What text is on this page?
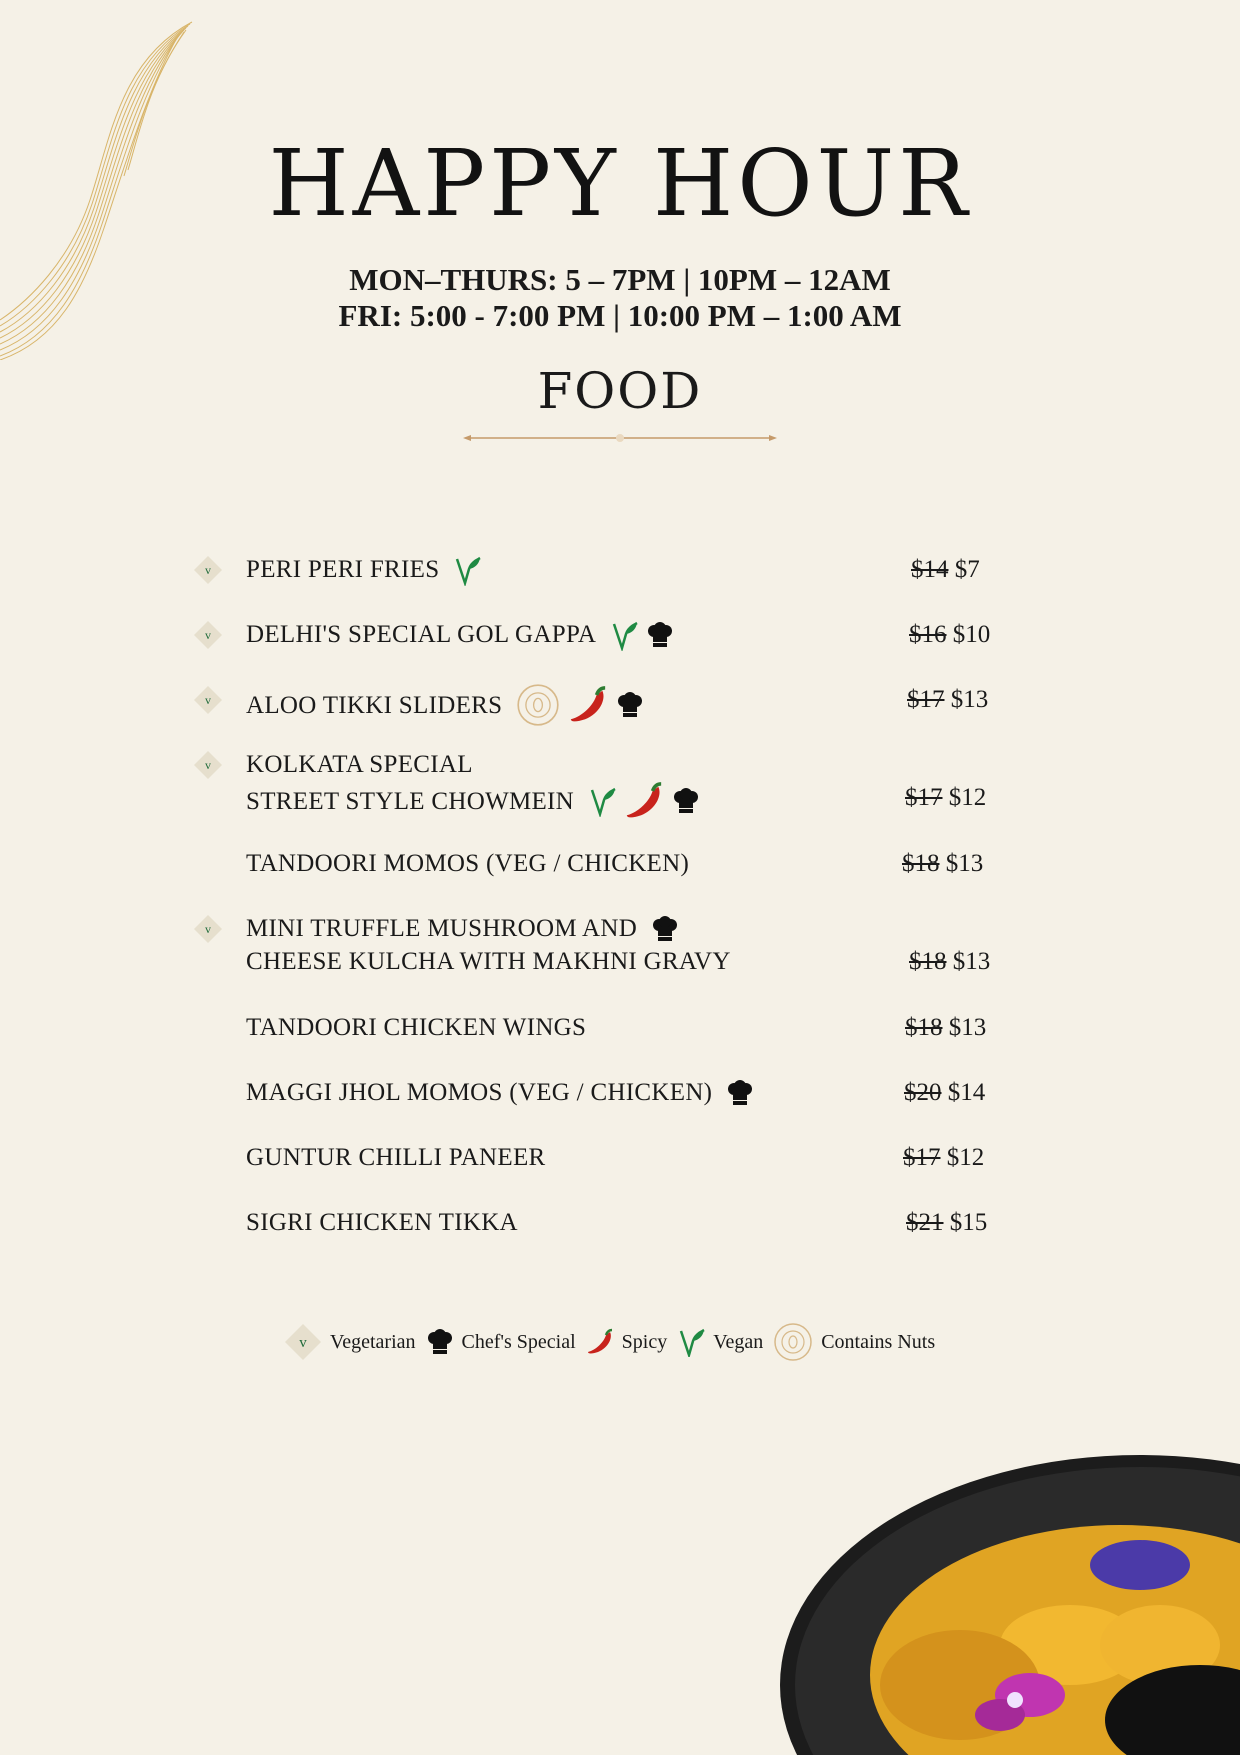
HAPPY HOUR
MON–THURS: 5 – 7PM | 10PM – 12AM
FRI: 5:00 - 7:00 PM | 10:00 PM – 1:00 AM
FOOD
v PERI PERI FRIES	$14 $7
v DELHI'S SPECIAL GOL GAPPA	$16 $10
v ALOO TIKKI SLIDERS	$17 $13
v KOLKATA SPECIAL
STREET STYLE CHOWMEIN	$17 $12
TANDOORI MOMOS (VEG / CHICKEN)	$18 $13
v MINI TRUFFLE MUSHROOM AND
CHEESE KULCHA WITH MAKHNI GRAVY	$18 $13
TANDOORI CHICKEN WINGS	$18 $13
MAGGI JHOL MOMOS (VEG / CHICKEN)	$20 $14
GUNTUR CHILLI PANEER	$17 $12
SIGRI CHICKEN TIKKA	$21 $15
v Vegetarian Chef's Special Spicy Vegan	Contains Nuts
